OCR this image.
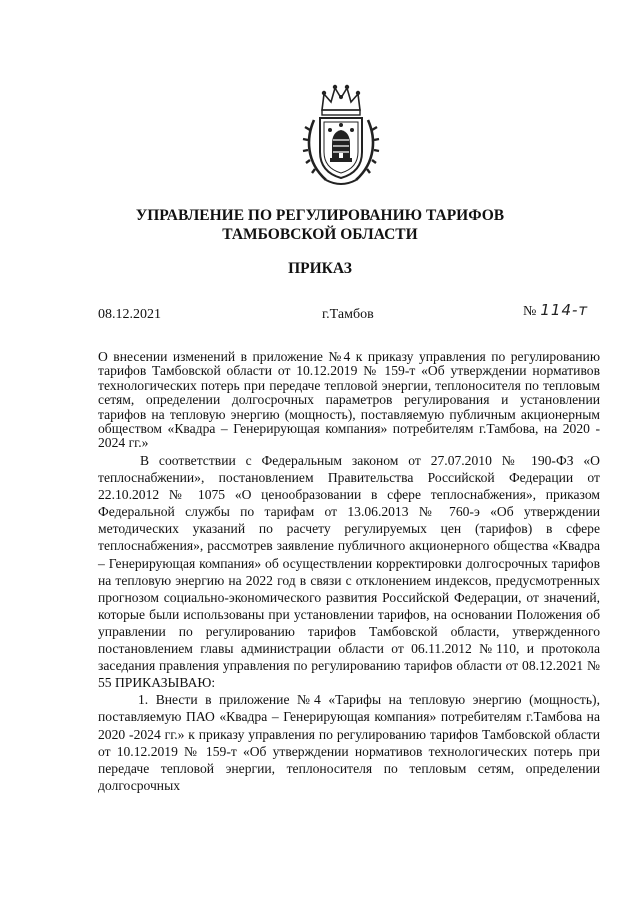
УПРАВЛЕНИЕ ПО РЕГУЛИРОВАНИЮ ТАРИФОВ
ТАМБОВСКОЙ ОБЛАСТИ
ПРИКАЗ
08.12.2021	г.Тамбов	№ 114-т
О внесении изменений в приложение №4 к приказу управления по регулированию тарифов Тамбовской области от 10.12.2019 № 159-т «Об утверждении нормативов технологических потерь при передаче тепловой энергии, теплоносителя по тепловым сетям, определении долгосрочных параметров регулирования и установлении тарифов на тепловую энергию (мощность), поставляемую публичным акционерным обществом «Квадра – Генерирующая компания» потребителям г.Тамбова, на 2020 - 2024 гг.»

В соответствии с Федеральным законом от 27.07.2010 № 190-ФЗ «О теплоснабжении», постановлением Правительства Российской Федерации от 22.10.2012 № 1075 «О ценообразовании в сфере теплоснабжения», приказом Федеральной службы по тарифам от 13.06.2013 № 760-э «Об утверждении методических указаний по расчету регулируемых цен (тарифов) в сфере теплоснабжения», рассмотрев заявление публичного акционерного общества «Квадра – Генерирующая компания» об осуществлении корректировки долгосрочных тарифов на тепловую энергию на 2022 год в связи с отклонением индексов, предусмотренных прогнозом социально-экономического развития Российской Федерации, от значений, которые были использованы при установлении тарифов, на основании Положения об управлении по регулированию тарифов Тамбовской области, утвержденного постановлением главы администрации области от 06.11.2012 №110, и протокола заседания правления управления по регулированию тарифов области от 08.12.2021 № 55 ПРИКАЗЫВАЮ:

1. Внести в приложение №4 «Тарифы на тепловую энергию (мощность), поставляемую ПАО «Квадра – Генерирующая компания» потребителям г.Тамбова на 2020 -2024 гг.» к приказу управления по регулированию тарифов Тамбовской области от 10.12.2019 № 159-т «Об утверждении нормативов технологических потерь при передаче тепловой энергии, теплоносителя по тепловым сетям, определении долгосрочных
